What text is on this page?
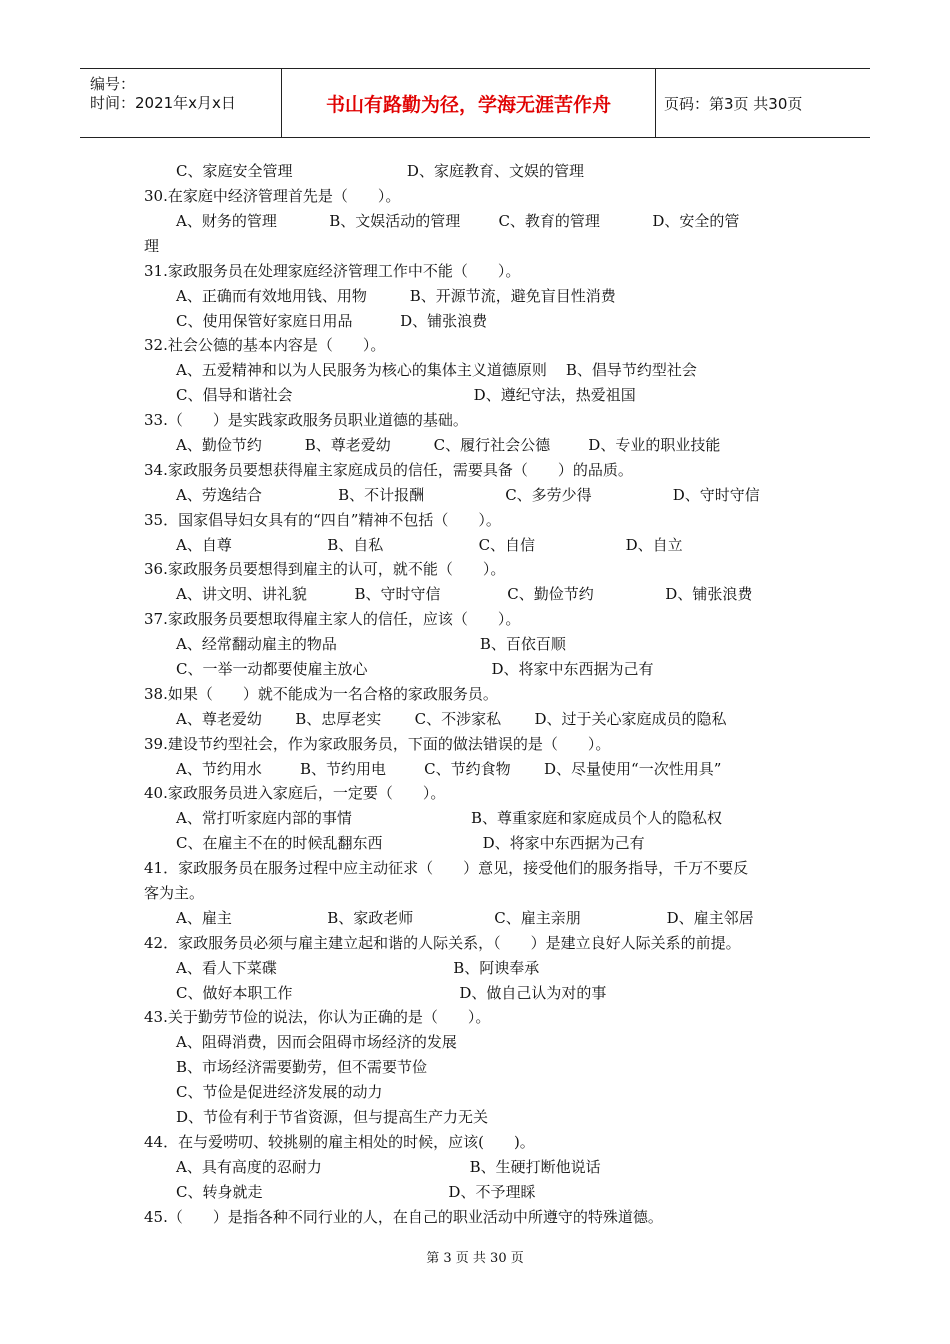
编号：
时间：2021年x月x日	书山有路勤为径，学海无涯苦作舟	页码：第3页 共30页
C、家庭安全管理                        D、家庭教育、文娱的管理
30.在家庭中经济管理首先是（　　）。
A、财务的管理           B、文娱活动的管理        C、教育的管理           D、安全的管
理
31.家政服务员在处理家庭经济管理工作中不能（　　）。
A、正确而有效地用钱、用物         B、开源节流，避免盲目性消费
C、使用保管好家庭日用品          D、铺张浪费
32.社会公德的基本内容是（　　）。
A、五爱精神和以为人民服务为核心的集体主义道德原则    B、倡导节约型社会
C、倡导和谐社会                                      D、遵纪守法，热爱祖国
33.（　　）是实践家政服务员职业道德的基础。
A、勤俭节约         B、尊老爱幼         C、履行社会公德        D、专业的职业技能
34.家政服务员要想获得雇主家庭成员的信任，需要具备（　　）的品质。
A、劳逸结合                B、不计报酬                 C、多劳少得                 D、守时守信
35．国家倡导妇女具有的“四自”精神不包括（　　）。
A、自尊                    B、自私                    C、自信                   D、自立
36.家政服务员要想得到雇主的认可，就不能（　　）。
A、讲文明、讲礼貌          B、守时守信              C、勤俭节约               D、铺张浪费
37.家政服务员要想取得雇主家人的信任，应该（　　）。
A、经常翻动雇主的物品                              B、百依百顺
C、一举一动都要使雇主放心                          D、将家中东西据为己有
38.如果（　　）就不能成为一名合格的家政服务员。
A、尊老爱幼       B、忠厚老实       C、不涉家私       D、过于关心家庭成员的隐私
39.建设节约型社会，作为家政服务员，下面的做法错误的是（　　）。
A、节约用水        B、节约用电        C、节约食物       D、尽量使用“一次性用具”
40.家政服务员进入家庭后，一定要（　　）。
A、常打听家庭内部的事情                         B、尊重家庭和家庭成员个人的隐私权
C、在雇主不在的时候乱翻东西                     D、将家中东西据为己有
41．家政服务员在服务过程中应主动征求（　　）意见，接受他们的服务指导，千万不要反
客为主。
A、雇主                    B、家政老师                 C、雇主亲朋                  D、雇主邻居
42．家政服务员必须与雇主建立起和谐的人际关系，（　　）是建立良好人际关系的前提。
A、看人下菜碟                                     B、阿谀奉承
C、做好本职工作                                   D、做自己认为对的事
43.关于勤劳节俭的说法，你认为正确的是（　　）。
A、阻碍消费，因而会阻碍市场经济的发展
B、市场经济需要勤劳，但不需要节俭
C、节俭是促进经济发展的动力
D、节俭有利于节省资源，但与提高生产力无关
44．在与爱唠叨、较挑剔的雇主相处的时候，应该(　　)。
A、具有高度的忍耐力                               B、生硬打断他说话
C、转身就走                                       D、不予理睬
45.（　　）是指各种不同行业的人，在自己的职业活动中所遵守的特殊道德。
第 3 页 共 30 页
